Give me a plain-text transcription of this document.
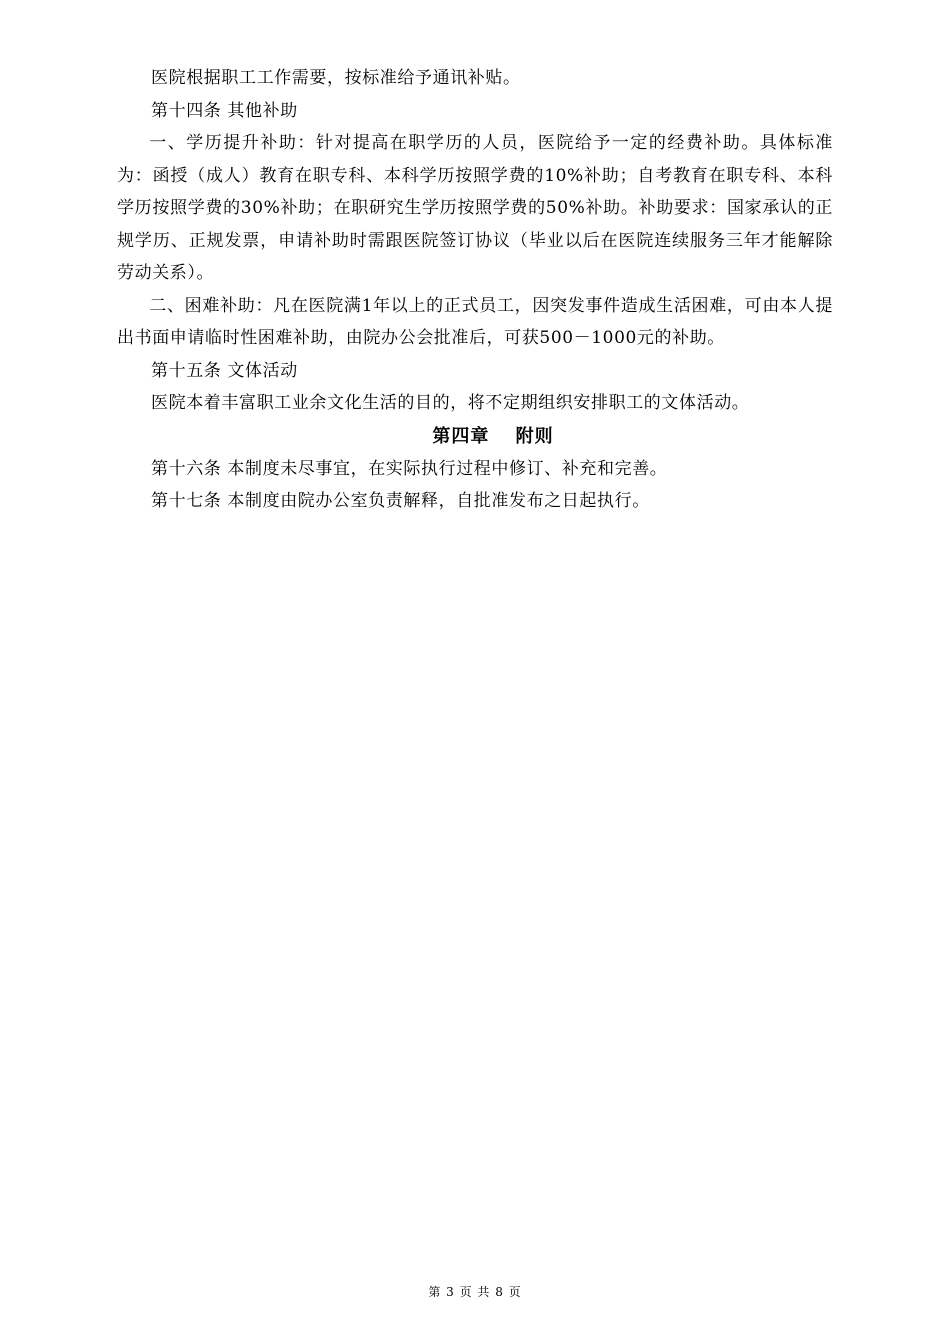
医院根据职工工作需要，按标准给予通讯补贴。

第十四条 其他补助

一、学历提升补助：针对提高在职学历的人员，医院给予一定的经费补助。具体标准为：函授（成人）教育在职专科、本科学历按照学费的10%补助；自考教育在职专科、本科学历按照学费的30%补助；在职研究生学历按照学费的50%补助。补助要求：国家承认的正规学历、正规发票，申请补助时需跟医院签订协议（毕业以后在医院连续服务三年才能解除劳动关系）。

二、困难补助：凡在医院满1年以上的正式员工，因突发事件造成生活困难，可由本人提出书面申请临时性困难补助，由院办公会批准后，可获500－1000元的补助。

第十五条 文体活动

医院本着丰富职工业余文化生活的目的，将不定期组织安排职工的文体活动。

第四章　 附则

第十六条 本制度未尽事宜，在实际执行过程中修订、补充和完善。

第十七条 本制度由院办公室负责解释，自批准发布之日起执行。

第 3 页 共 8 页
